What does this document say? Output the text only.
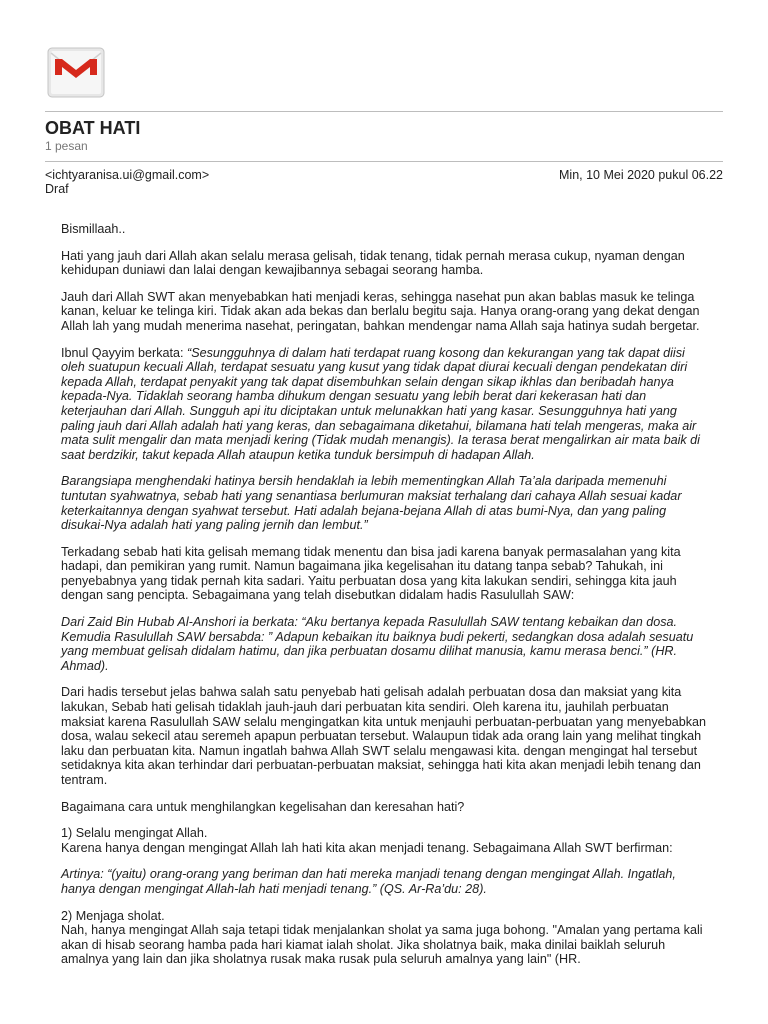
OBAT HATI
1 pesan
<ichtyaranisa.ui@gmail.com>
Draf
Min, 10 Mei 2020 pukul 06.22

Bismillaah..

Hati yang jauh dari Allah akan selalu merasa gelisah, tidak tenang, tidak pernah merasa cukup, nyaman dengan kehidupan duniawi dan lalai dengan kewajibannya sebagai seorang hamba.

Jauh dari Allah SWT akan menyebabkan hati menjadi keras, sehingga nasehat pun akan bablas masuk ke telinga kanan, keluar ke telinga kiri. Tidak akan ada bekas dan berlalu begitu saja. Hanya orang-orang yang dekat dengan Allah lah yang mudah menerima nasehat, peringatan, bahkan mendengar nama Allah saja hatinya sudah bergetar.

Ibnul Qayyim berkata: “Sesungguhnya di dalam hati terdapat ruang kosong dan kekurangan yang tak dapat diisi oleh suatupun kecuali Allah, terdapat sesuatu yang kusut yang tidak dapat diurai kecuali dengan pendekatan diri kepada Allah, terdapat penyakit yang tak dapat disembuhkan selain dengan sikap ikhlas dan beribadah hanya kepada-Nya. Tidaklah seorang hamba dihukum dengan sesuatu yang lebih berat dari kekerasan hati dan keterjauhan dari Allah. Sungguh api itu diciptakan untuk melunakkan hati yang kasar. Sesungguhnya hati yang paling jauh dari Allah adalah hati yang keras, dan sebagaimana diketahui, bilamana hati telah mengeras, maka air mata sulit mengalir dan mata menjadi kering (Tidak mudah menangis). Ia terasa berat mengalirkan air mata baik di saat berdzikir, takut kepada Allah ataupun ketika tunduk bersimpuh di hadapan Allah.

Barangsiapa menghendaki hatinya bersih hendaklah ia lebih mementingkan Allah Ta’ala daripada memenuhi tuntutan syahwatnya, sebab hati yang senantiasa berlumuran maksiat terhalang dari cahaya Allah sesuai kadar keterkaitannya dengan syahwat tersebut. Hati adalah bejana-bejana Allah di atas bumi-Nya, dan yang paling disukai-Nya adalah hati yang paling jernih dan lembut.”

Terkadang sebab hati kita gelisah memang tidak menentu dan bisa jadi karena banyak permasalahan yang kita hadapi, dan pemikiran yang rumit. Namun bagaimana jika kegelisahan itu datang tanpa sebab? Tahukah, ini penyebabnya yang tidak pernah kita sadari. Yaitu perbuatan dosa yang kita lakukan sendiri, sehingga kita jauh dengan sang pencipta. Sebagaimana yang telah disebutkan didalam hadis Rasulullah SAW:

Dari Zaid Bin Hubab Al-Anshori ia berkata: “Aku bertanya kepada Rasulullah SAW tentang kebaikan dan dosa. Kemudia Rasulullah SAW bersabda: ” Adapun kebaikan itu baiknya budi pekerti, sedangkan dosa adalah sesuatu yang membuat gelisah didalam hatimu, dan jika perbuatan dosamu dilihat manusia, kamu merasa benci.” (HR. Ahmad).

Dari hadis tersebut jelas bahwa salah satu penyebab hati gelisah adalah perbuatan dosa dan maksiat yang kita lakukan, Sebab hati gelisah tidaklah jauh-jauh dari perbuatan kita sendiri. Oleh karena itu, jauhilah perbuatan maksiat karena Rasulullah SAW selalu mengingatkan kita untuk menjauhi perbuatan-perbuatan yang menyebabkan dosa, walau sekecil atau seremeh apapun perbuatan tersebut. Walaupun tidak ada orang lain yang melihat tingkah laku dan perbuatan kita. Namun ingatlah bahwa Allah SWT selalu mengawasi kita. dengan mengingat hal tersebut setidaknya kita akan terhindar dari perbuatan-perbuatan maksiat, sehingga hati kita akan menjadi lebih tenang dan tentram.

Bagaimana cara untuk menghilangkan kegelisahan dan keresahan hati?

1) Selalu mengingat Allah.

Karena hanya dengan mengingat Allah lah hati kita akan menjadi tenang. Sebagaimana Allah SWT berfirman:

Artinya: “(yaitu) orang-orang yang beriman dan hati mereka manjadi tenang dengan mengingat Allah. Ingatlah, hanya dengan mengingat Allah-lah hati menjadi tenang.” (QS. Ar-Ra’du: 28).

2) Menjaga sholat.

Nah, hanya mengingat Allah saja tetapi tidak menjalankan sholat ya sama juga bohong. "Amalan yang pertama kali akan di hisab seorang hamba pada hari kiamat ialah sholat. Jika sholatnya baik, maka dinilai baiklah seluruh amalnya yang lain dan jika sholatnya rusak maka rusak pula seluruh amalnya yang lain" (HR.
